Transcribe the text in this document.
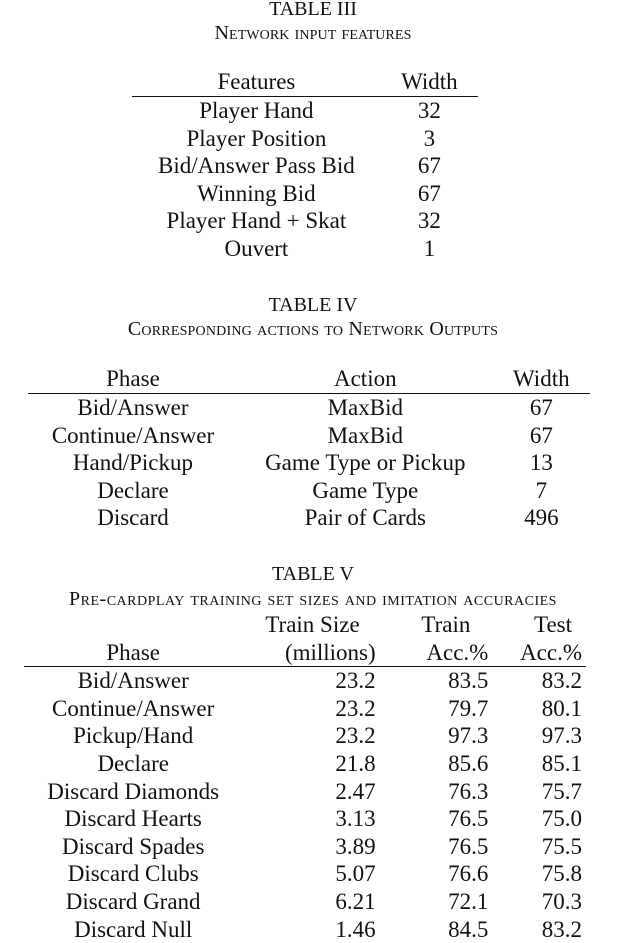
TABLE III
Network input features
Features	Width
Player Hand	32
Player Position	3
Bid/Answer Pass Bid	67
Winning Bid	67
Player Hand + Skat	32
Ouvert	1
TABLE IV
Corresponding actions to Network Outputs
Phase	Action	Width
Bid/Answer	MaxBid	67
Continue/Answer	MaxBid	67
Hand/Pickup	Game Type or Pickup	13
Declare	Game Type	7
Discard	Pair of Cards	496
TABLE V
Pre-cardplay training set sizes and imitation accuracies
	Train Size	Train	Test
Phase	(millions)	Acc.%	Acc.%
Bid/Answer	23.2	83.5	83.2
Continue/Answer	23.2	79.7	80.1
Pickup/Hand	23.2	97.3	97.3
Declare	21.8	85.6	85.1
Discard Diamonds	2.47	76.3	75.7
Discard Hearts	3.13	76.5	75.0
Discard Spades	3.89	76.5	75.5
Discard Clubs	5.07	76.6	75.8
Discard Grand	6.21	72.1	70.3
Discard Null	1.46	84.5	83.2
